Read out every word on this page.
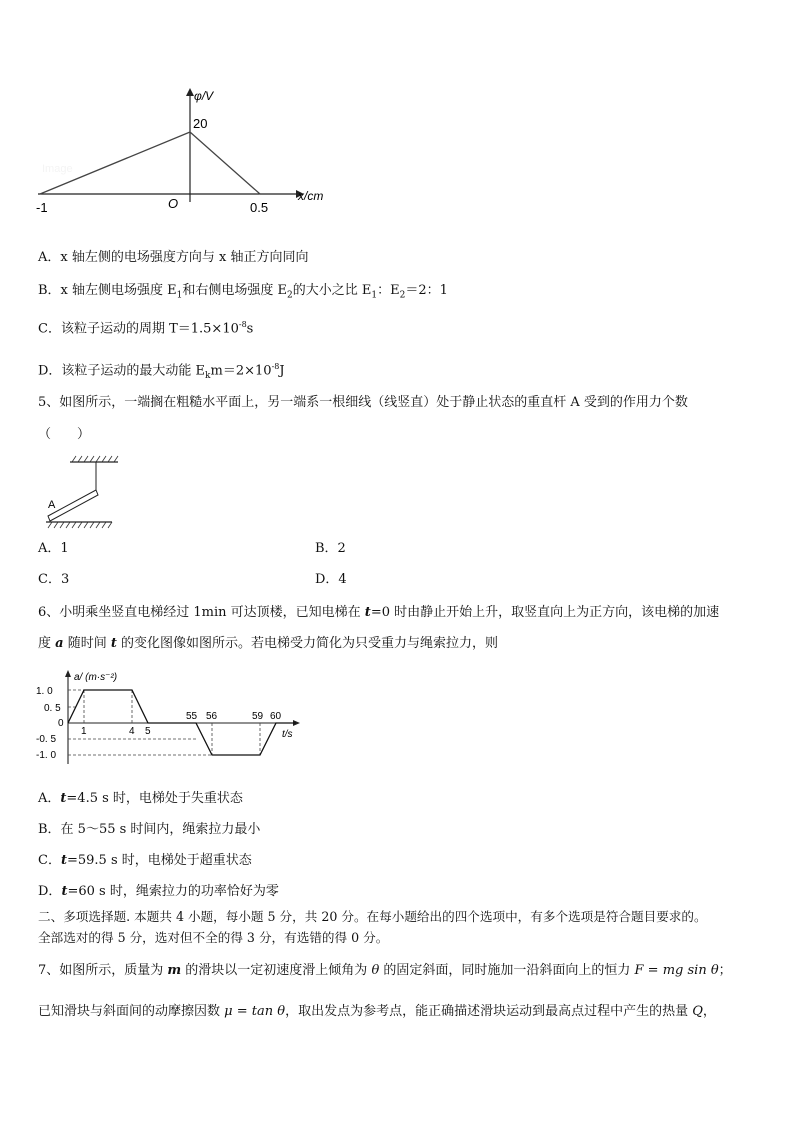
Image
φ/V
20
O
-1	0.5
x/cm
A．x 轴左侧的电场强度方向与 x 轴正方向同向
B．x 轴左侧电场强度 $E_1$和右侧电场强度 $E_2$的大小之比 $E_1$：$E_2=2$：1
C．该粒子运动的周期 $T=1.5\times 10^{-8}s$
D．该粒子运动的最大动能 $E_km=2\times 10^{-8}J$
5、如图所示，一端搁在粗糙水平面上，另一端系一根细线（线竖直）处于静止状态的重直杆 A 受到的作用力个数
（　　）
A
A．1	B．2
C．3	D．4
6、小明乘坐竖直电梯经过 1min 可达顶楼，已知电梯在 t=0 时由静止开始上升，取竖直向上为正方向，该电梯的加速
度 a 随时间 t 的变化图像如图所示。若电梯受力简化为只受重力与绳索拉力，则
a/ (m·s⁻²)
t/s
1. 0
0. 5
0
-0. 5
-1. 0
1	4 5
55 56	59 60
A．t=4.5 s 时，电梯处于失重状态
B．在 5～55 s 时间内，绳索拉力最小
C．t=59.5 s 时，电梯处于超重状态
D．t=60 s 时，绳索拉力的功率恰好为零
二、多项选择题. 本题共 4 小题，每小题 5 分，共 20 分。在每小题给出的四个选项中，有多个选项是符合题目要求的。
全部选对的得 5 分，选对但不全的得 3 分，有选错的得 0 分。
7、如图所示，质量为 m 的滑块以一定初速度滑上倾角为 θ 的固定斜面，同时施加一沿斜面向上的恒力 F = mg sin θ；
已知滑块与斜面间的动摩擦因数 μ = tan θ，取出发点为参考点，能正确描述滑块运动到最高点过程中产生的热量 Q，
